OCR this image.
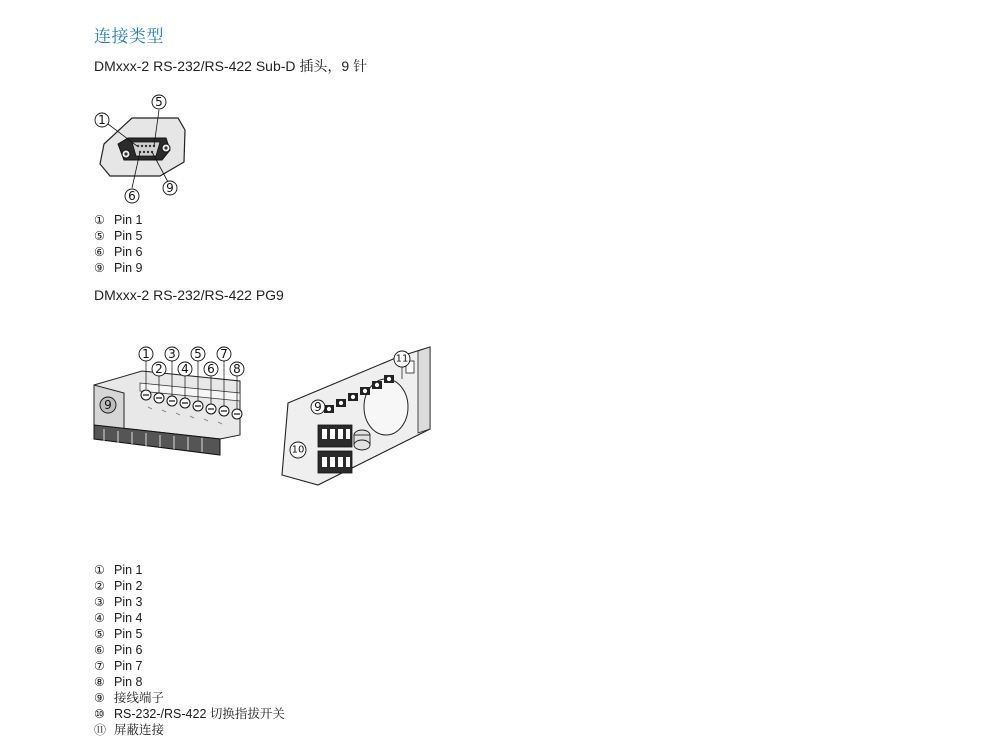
连接类型
DMxxx-2 RS-232/RS-422 Sub-D 插头，9 针
1
5
6
9
① Pin 1
⑤ Pin 5
⑥ Pin 6
⑨ Pin 9
DMxxx-2 RS-232/RS-422 PG9
1
2
3
4
5
6
7
8
9
11
9
10
① Pin 1
② Pin 2
③ Pin 3
④ Pin 4
⑤ Pin 5
⑥ Pin 6
⑦ Pin 7
⑧ Pin 8
⑨ 接线端子
⑩ RS-232-/RS-422 切换指拔开关
⑪ 屏蔽连接
